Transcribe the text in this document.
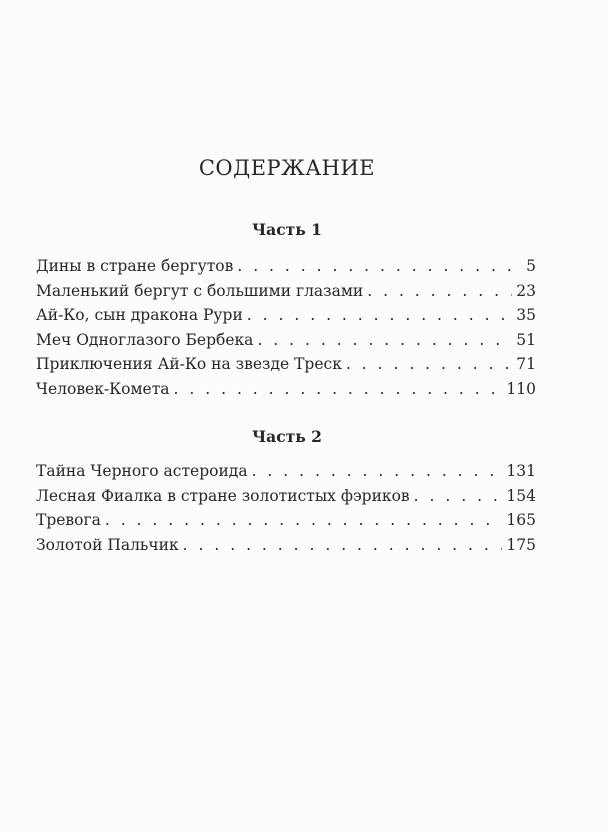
СОДЕРЖАНИЕ
Часть 1
Дины в стране бергутов . . .	5
Маленький бергут с большими глазами . . .	23
Ай-Ко, сын дракона Рури . . .	35
Меч Одноглазого Бербека . . .	51
Приключения Ай-Ко на звезде Треск . . .	71
Человек-Комета . . .	110
Часть 2
Тайна Черного астероида . . .	131
Лесная Фиалка в стране золотистых фэриков . . .	154
Тревога . . .	165
Золотой Пальчик . . .	175
